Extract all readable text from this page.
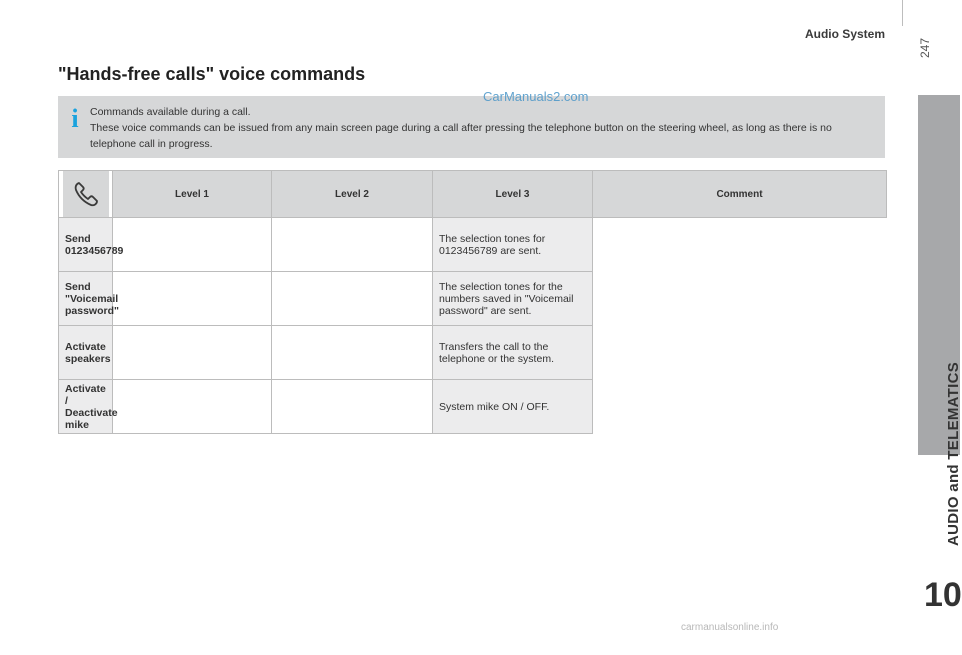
Audio System
247
AUDIO and TELEMATICS
10
"Hands-free calls" voice commands
i	Commands available during a call.
These voice commands can be issued from any main screen page during a call after pressing the telephone button on the steering wheel, as long as there is no telephone call in progress.
CarManuals2.com
	Level 1	Level 2	Level 3	Comment
Send 0123456789			The selection tones for 0123456789 are sent.	
Send "Voicemail password"			The selection tones for the numbers saved in "Voicemail password" are sent.	
Activate speakers			Transfers the call to the telephone or the system.	
Activate / Deactivate mike			System mike ON / OFF.	
carmanualsonline.info
